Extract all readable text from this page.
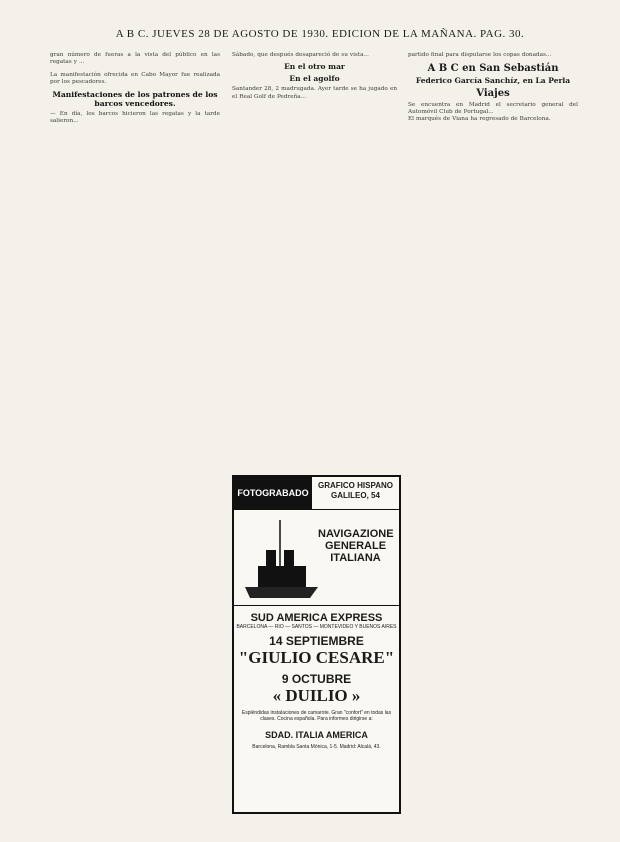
A B C. JUEVES 28 DE AGOSTO DE 1930. EDICION DE LA MAÑANA. PAG. 30.
gran número de fueras a la vista del público en las regatas y ...
La manifestación ofrecida en Cabo Mayor fue realizada por los pescadores.
Manifestaciones de los patrones de los barcos vencedores.
— En día, los barcos hicieron las regatas y la tarde salieron...
Sábado, que después desapareció de su vista...
En el otro mar
En el agolfo
Santander 28, 2 madrugada. Ayer tarde se ha jugado en el Real Golf de Pedreña...
partido final para disputarse los copas donadas...
A B C en San Sebastián
Federico García Sanchíz, en La Perla
Viajes
Se encuentra en Madrid el secretario general del Automóvil Club de Portugal...
El marqués de Viana ha regresado de Barcelona.
FOTOGRABADO
GRAFICO HISPANO
GALILEO, 54
NAVIGAZIONE
GENERALE
ITALIANA
SUD AMERICA EXPRESS
BARCELONA — RIO — SANTOS — MONTEVIDEO Y BUENOS AIRES
14 SEPTIEMBRE
"GIULIO CESARE"
9 OCTUBRE
« DUILIO »
Espléndidas instalaciones de camarote. Gran "confort" en todas las clases. Cocina española. Para informes dirigirse a:
SDAD. ITALIA AMERICA
Barcelona, Rambla Santa Mónica, 1-5. Madrid: Alcalá, 43.
